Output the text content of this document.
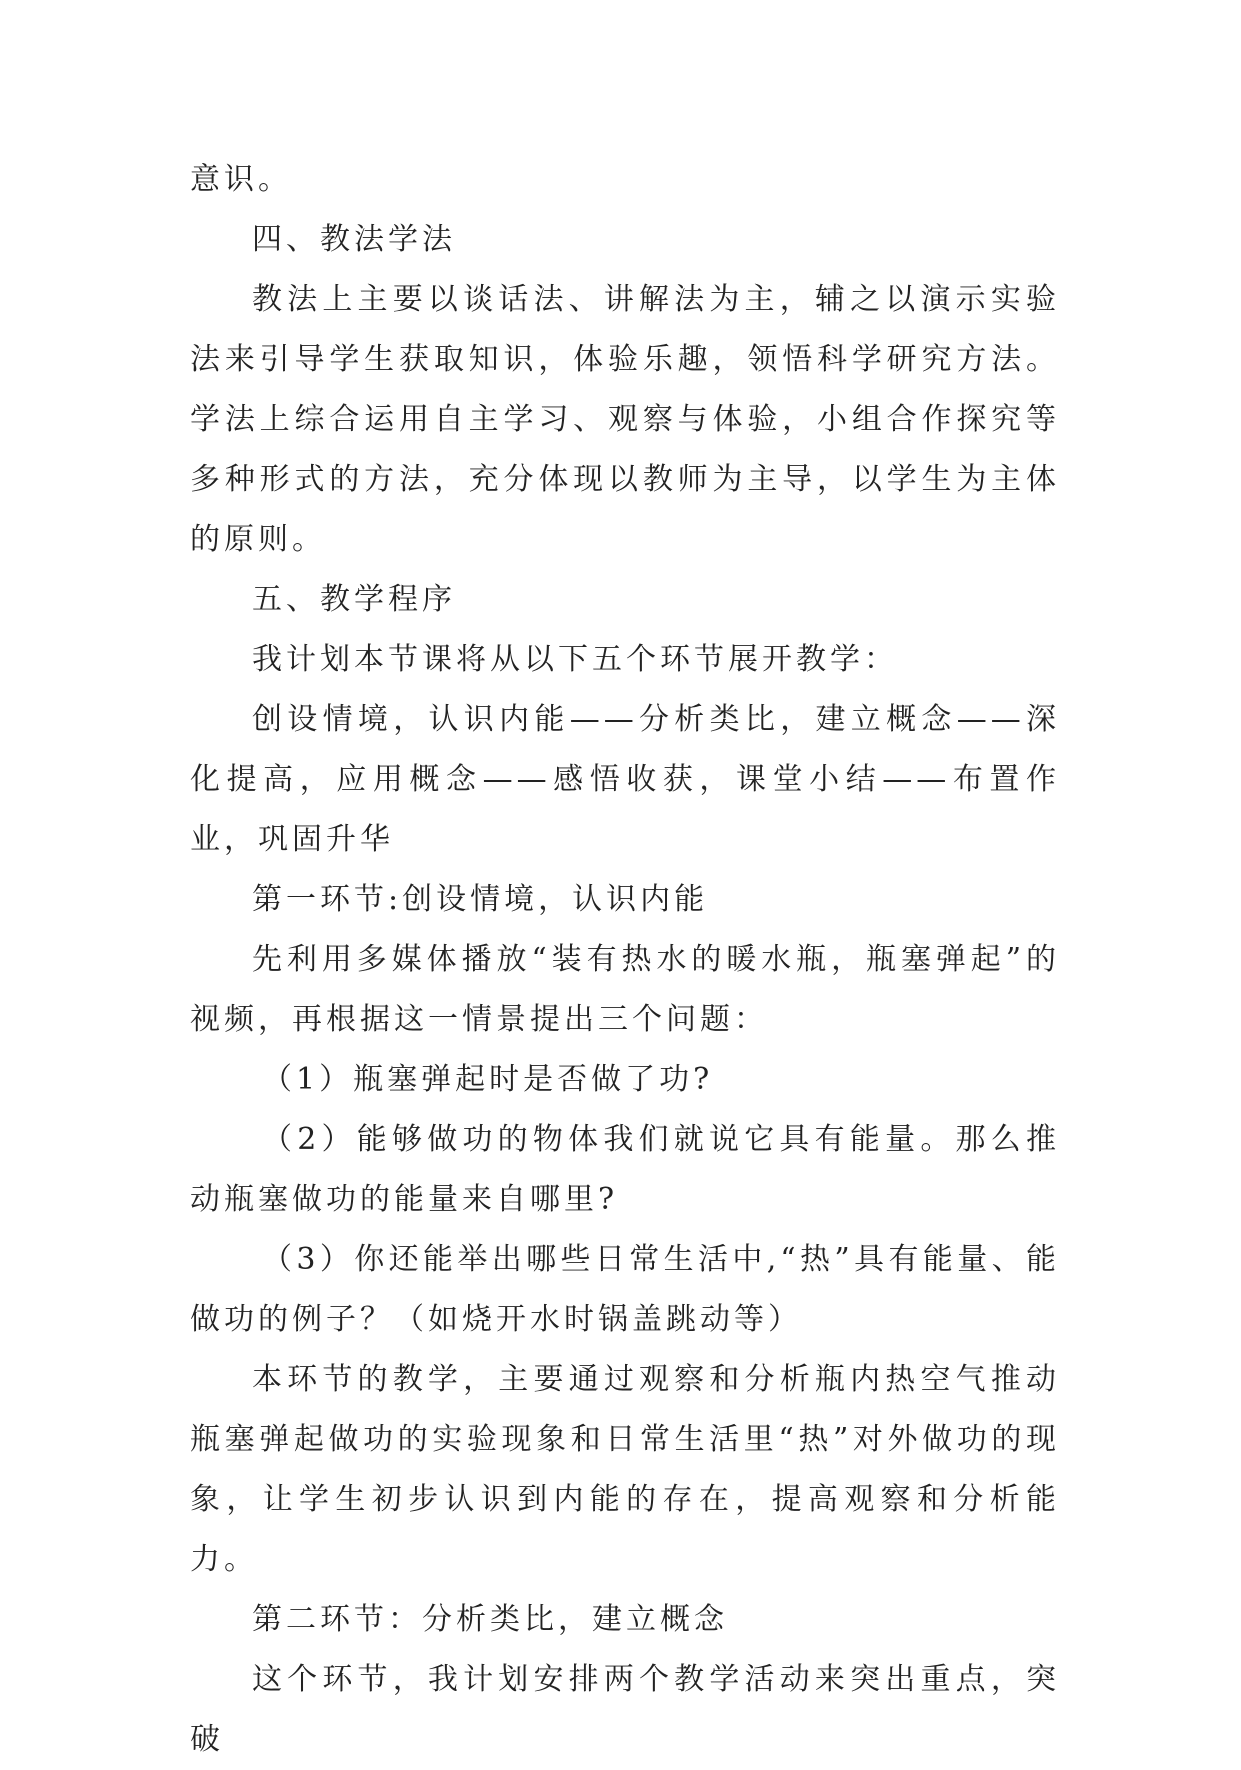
意识。

四、教法学法

教法上主要以谈话法、讲解法为主，辅之以演示实验法来引导学生获取知识，体验乐趣，领悟科学研究方法。学法上综合运用自主学习、观察与体验，小组合作探究等多种形式的方法，充分体现以教师为主导，以学生为主体的原则。

五、教学程序

我计划本节课将从以下五个环节展开教学：

创设情境，认识内能——分析类比，建立概念——深化提高，应用概念——感悟收获，课堂小结——布置作业，巩固升华

第一环节:创设情境，认识内能

先利用多媒体播放“装有热水的暖水瓶，瓶塞弹起”的视频，再根据这一情景提出三个问题：

（1）瓶塞弹起时是否做了功?

（2）能够做功的物体我们就说它具有能量。那么推动瓶塞做功的能量来自哪里?

（3）你还能举出哪些日常生活中,“热”具有能量、能做功的例子？（如烧开水时锅盖跳动等）

本环节的教学，主要通过观察和分析瓶内热空气推动瓶塞弹起做功的实验现象和日常生活里“热”对外做功的现象，让学生初步认识到内能的存在，提高观察和分析能力。

第二环节：分析类比，建立概念

这个环节，我计划安排两个教学活动来突出重点，突破
